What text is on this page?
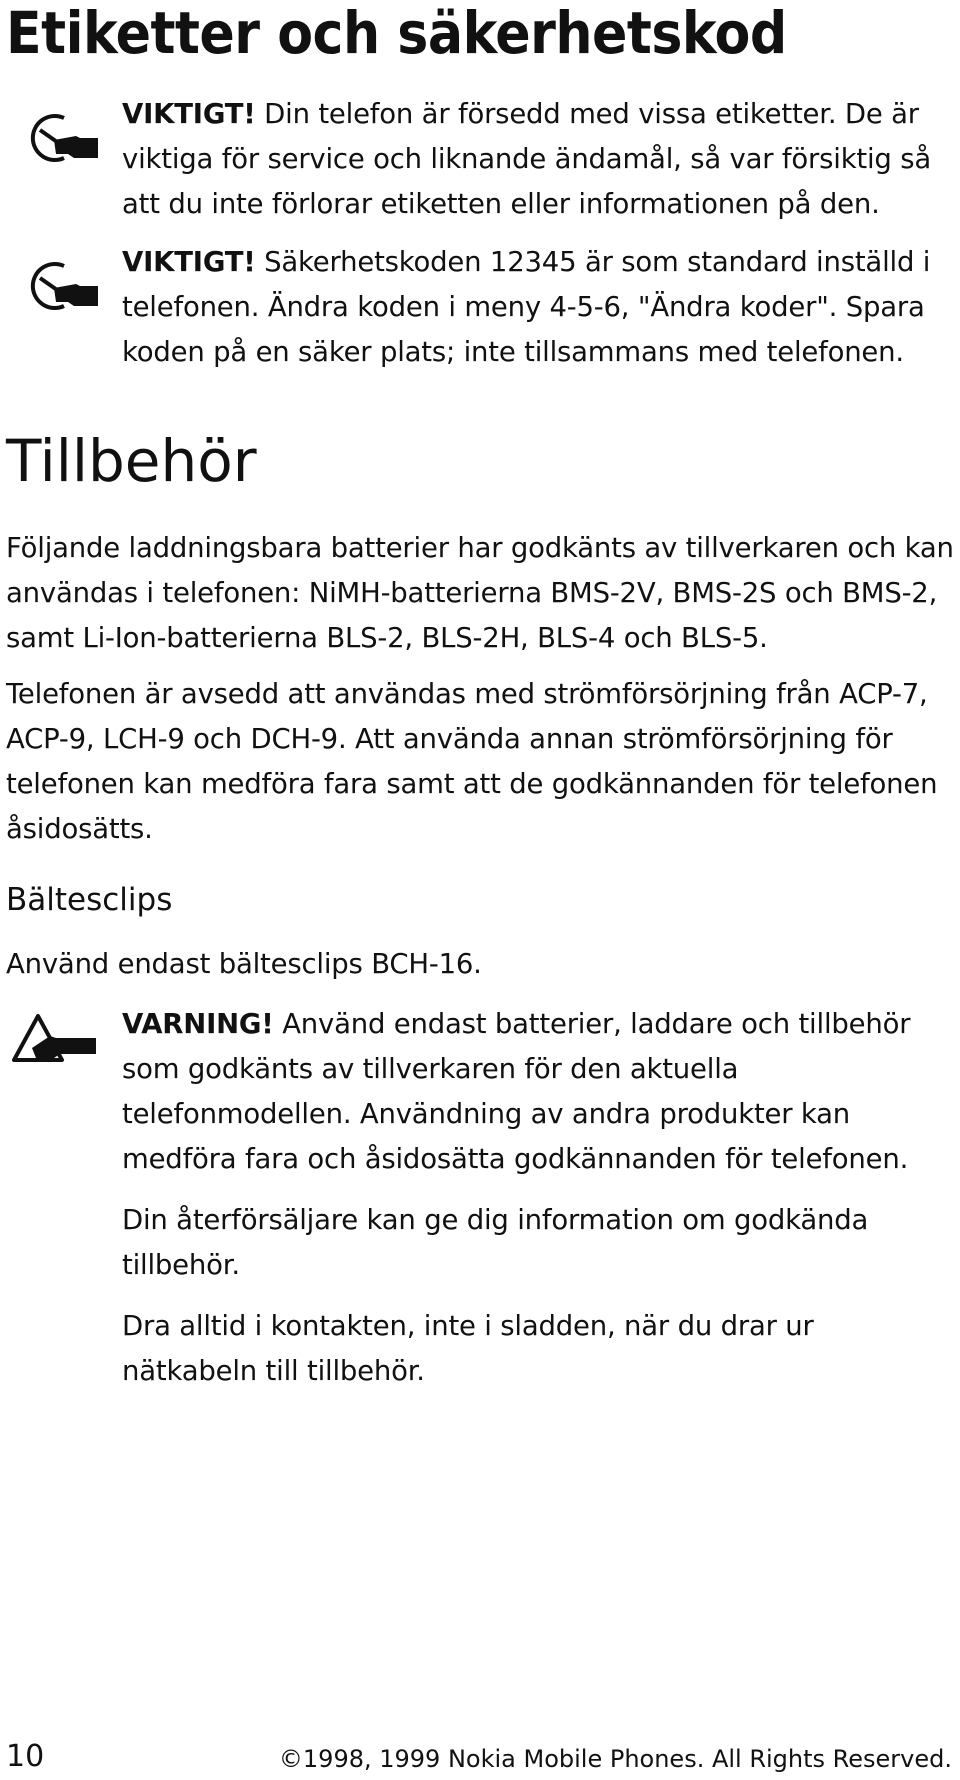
Etiketter och säkerhetskod

VIKTIGT! Din telefon är försedd med vissa etiketter. De är viktiga för service och liknande ändamål, så var försiktig så att du inte förlorar etiketten eller informationen på den.

VIKTIGT! Säkerhetskoden 12345 är som standard inställd i telefonen. Ändra koden i meny 4-5-6, "Ändra koder". Spara koden på en säker plats; inte tillsammans med telefonen.

Tillbehör

Följande laddningsbara batterier har godkänts av tillverkaren och kan användas i telefonen: NiMH-batterierna BMS-2V, BMS-2S och BMS-2, samt Li-Ion-batterierna BLS-2, BLS-2H, BLS-4 och BLS-5.

Telefonen är avsedd att användas med strömförsörjning från ACP-7, ACP-9, LCH-9 och DCH-9. Att använda annan strömförsörjning för telefonen kan medföra fara samt att de godkännanden för telefonen åsidosätts.

Bältesclips

Använd endast bältesclips BCH-16.

VARNING! Använd endast batterier, laddare och tillbehör som godkänts av tillverkaren för den aktuella telefonmodellen. Användning av andra produkter kan medföra fara och åsidosätta godkännanden för telefonen.

Din återförsäljare kan ge dig information om godkända tillbehör.

Dra alltid i kontakten, inte i sladden, när du drar ur nätkabeln till tillbehör.

10	©1998, 1999 Nokia Mobile Phones. All Rights Reserved.
